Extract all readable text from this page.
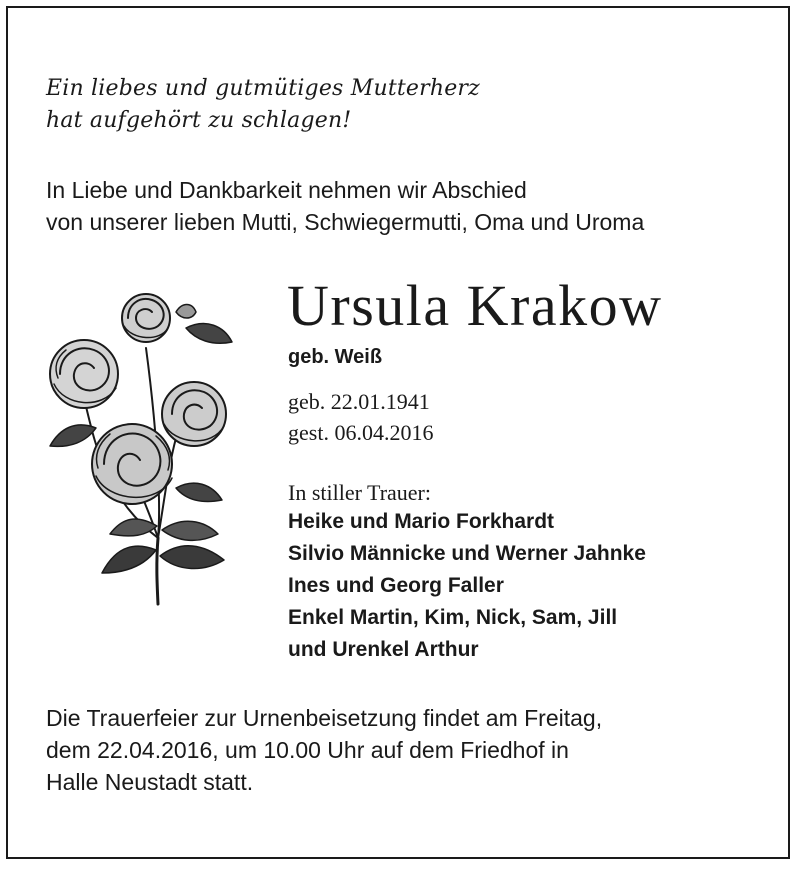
Ein liebes und gutmütiges Mutterherz

hat aufgehört zu schlagen!

In Liebe und Dankbarkeit nehmen wir Abschied

von unserer lieben Mutti, Schwiegermutti, Oma und Uroma

Ursula Krakow

geb. Weiß

geb. 22.01.1941

gest. 06.04.2016

In stiller Trauer:

Heike und Mario Forkhardt

Silvio Männicke und Werner Jahnke

Ines und Georg Faller

Enkel Martin, Kim, Nick, Sam, Jill

und Urenkel Arthur

Die Trauerfeier zur Urnenbeisetzung findet am Freitag,

dem 22.04.2016, um 10.00 Uhr auf dem Friedhof in

Halle Neustadt statt.
